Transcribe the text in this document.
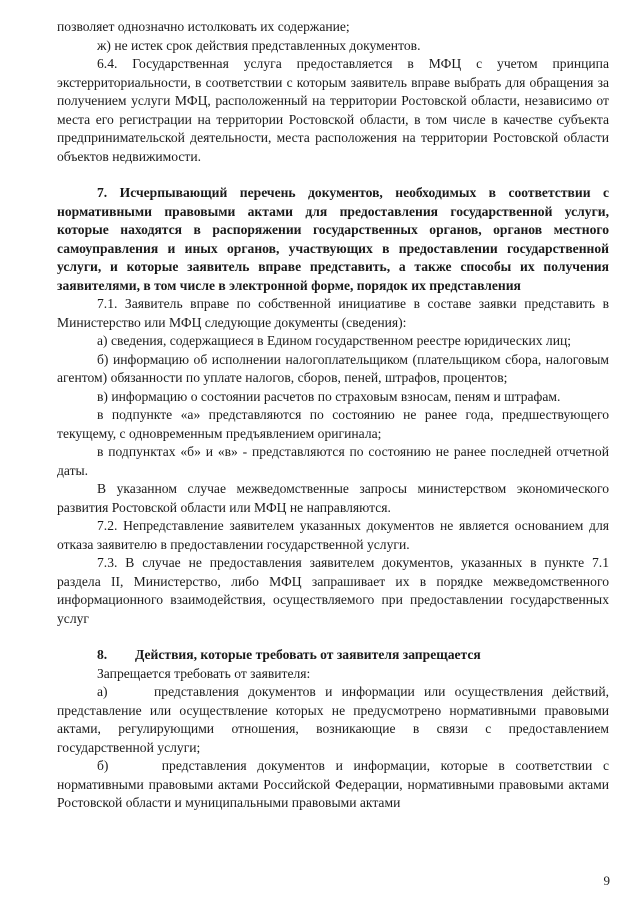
позволяет однозначно истолковать их содержание;

ж) не истек срок действия представленных документов.

6.4. Государственная услуга предоставляется в МФЦ с учетом принципа экстерриториальности, в соответствии с которым заявитель вправе выбрать для обращения за получением услуги МФЦ, расположенный на территории Ростовской области, независимо от места его регистрации на территории Ростовской области, в том числе в качестве субъекта предпринимательской деятельности, места расположения на территории Ростовской области объектов недвижимости.

7. Исчерпывающий перечень документов, необходимых в соответствии с нормативными правовыми актами для предоставления государственной услуги, которые находятся в распоряжении государственных органов, органов местного самоуправления и иных органов, участвующих в предоставлении государственной услуги, и которые заявитель вправе представить, а также способы их получения заявителями, в том числе в электронной форме, порядок их представления

7.1. Заявитель вправе по собственной инициативе в составе заявки представить в Министерство или МФЦ следующие документы (сведения):

а) сведения, содержащиеся в Едином государственном реестре юридических лиц;

б) информацию об исполнении налогоплательщиком (плательщиком сбора, налоговым агентом) обязанности по уплате налогов, сборов, пеней, штрафов, процентов;

в) информацию о состоянии расчетов по страховым взносам, пеням и штрафам.

в подпункте «а» представляются по состоянию не ранее года, предшествующего текущему, с одновременным предъявлением оригинала;

в подпунктах «б» и «в» - представляются по состоянию не ранее последней отчетной даты.

В указанном случае межведомственные запросы министерством экономического развития Ростовской области или МФЦ не направляются.

7.2. Непредставление заявителем указанных документов не является основанием для отказа заявителю в предоставлении государственной услуги.

7.3. В случае не предоставления заявителем документов, указанных в пункте 7.1 раздела II, Министерство, либо МФЦ запрашивает их в порядке межведомственного информационного взаимодействия, осуществляемого при предоставлении государственных услуг

8.	Действия, которые требовать от заявителя запрещается

Запрещается требовать от заявителя:

а)     представления документов и информации или осуществления действий, представление или осуществление которых не предусмотрено нормативными правовыми актами, регулирующими отношения, возникающие в связи с предоставлением государственной услуги;

б)     представления документов и информации, которые в соответствии с нормативными правовыми актами Российской Федерации, нормативными правовыми актами Ростовской области и муниципальными правовыми актами

9
